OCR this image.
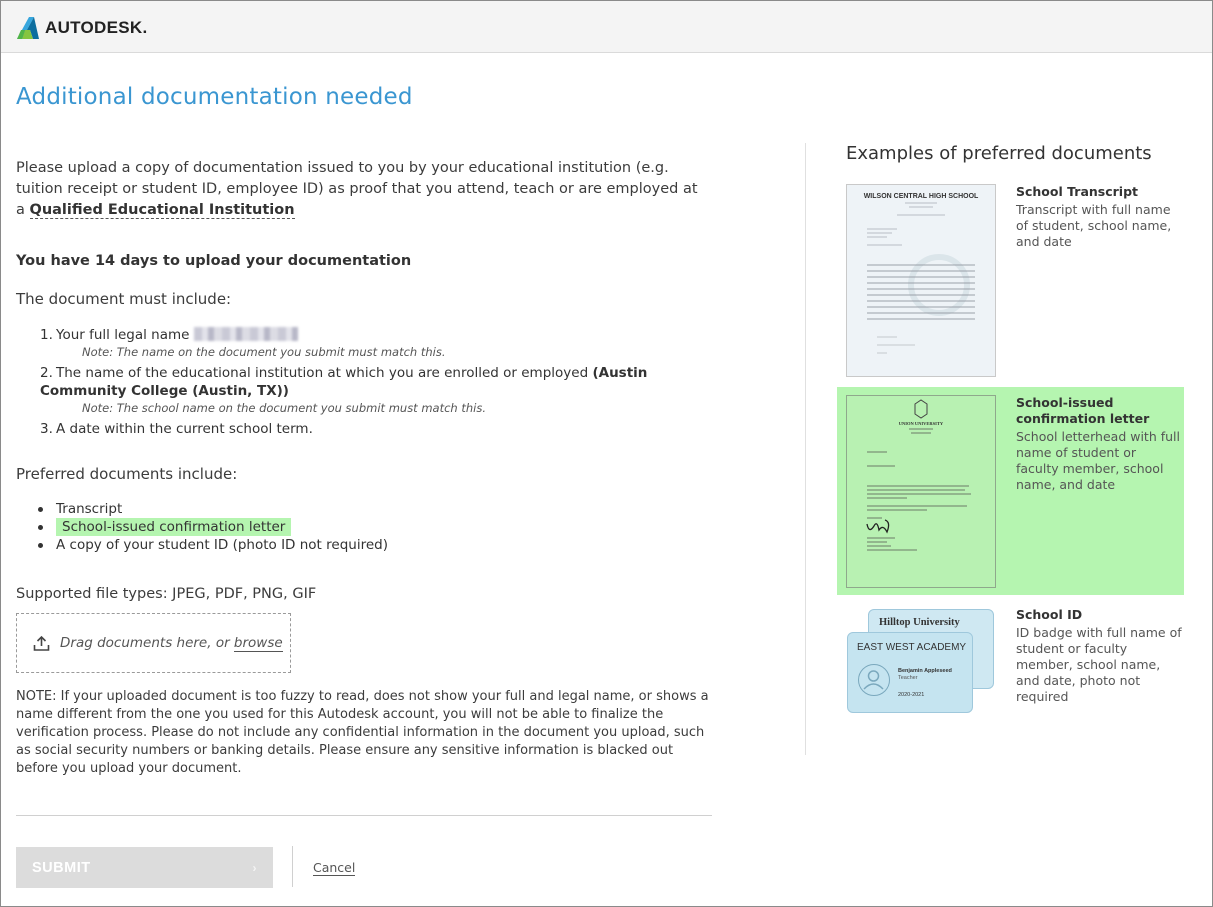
AUTODESK.
Additional documentation needed

Please upload a copy of documentation issued to you by your educational institution (e.g. tuition receipt or student ID, employee ID) as proof that you attend, teach or are employed at a Qualified Educational Institution

You have 14 days to upload your documentation
The document must include:
1. Your full legal name
Note: The name on the document you submit must match this.
2. The name of the educational institution at which you are enrolled or employed (Austin Community College (Austin, TX))
Note: The school name on the document you submit must match this.
3. A date within the current school term.
Preferred documents include:
Transcript
School-issued confirmation letter
A copy of your student ID (photo ID not required)
Supported file types: JPEG, PDF, PNG, GIF
Drag documents here, or browse

NOTE: If your uploaded document is too fuzzy to read, does not show your full and legal name, or shows a name different from the one you used for this Autodesk account, you will not be able to finalize the verification process. Please do not include any confidential information in the document you upload, such as social security numbers or banking details. Please ensure any sensitive information is blacked out before you upload your document.

SUBMIT	›	Cancel
Examples of preferred documents
WILSON CENTRAL HIGH SCHOOL	School Transcript
Transcript with full name of student, school name, and date
UNION UNIVERSITY
School-issued confirmation letter
School letterhead with full name of student or faculty member, school name, and date
Hilltop University
EAST WEST ACADEMY
Benjamin Appleseed
Teacher
2020-2021
School ID
ID badge with full name of student or faculty member, school name, and date, photo not required
